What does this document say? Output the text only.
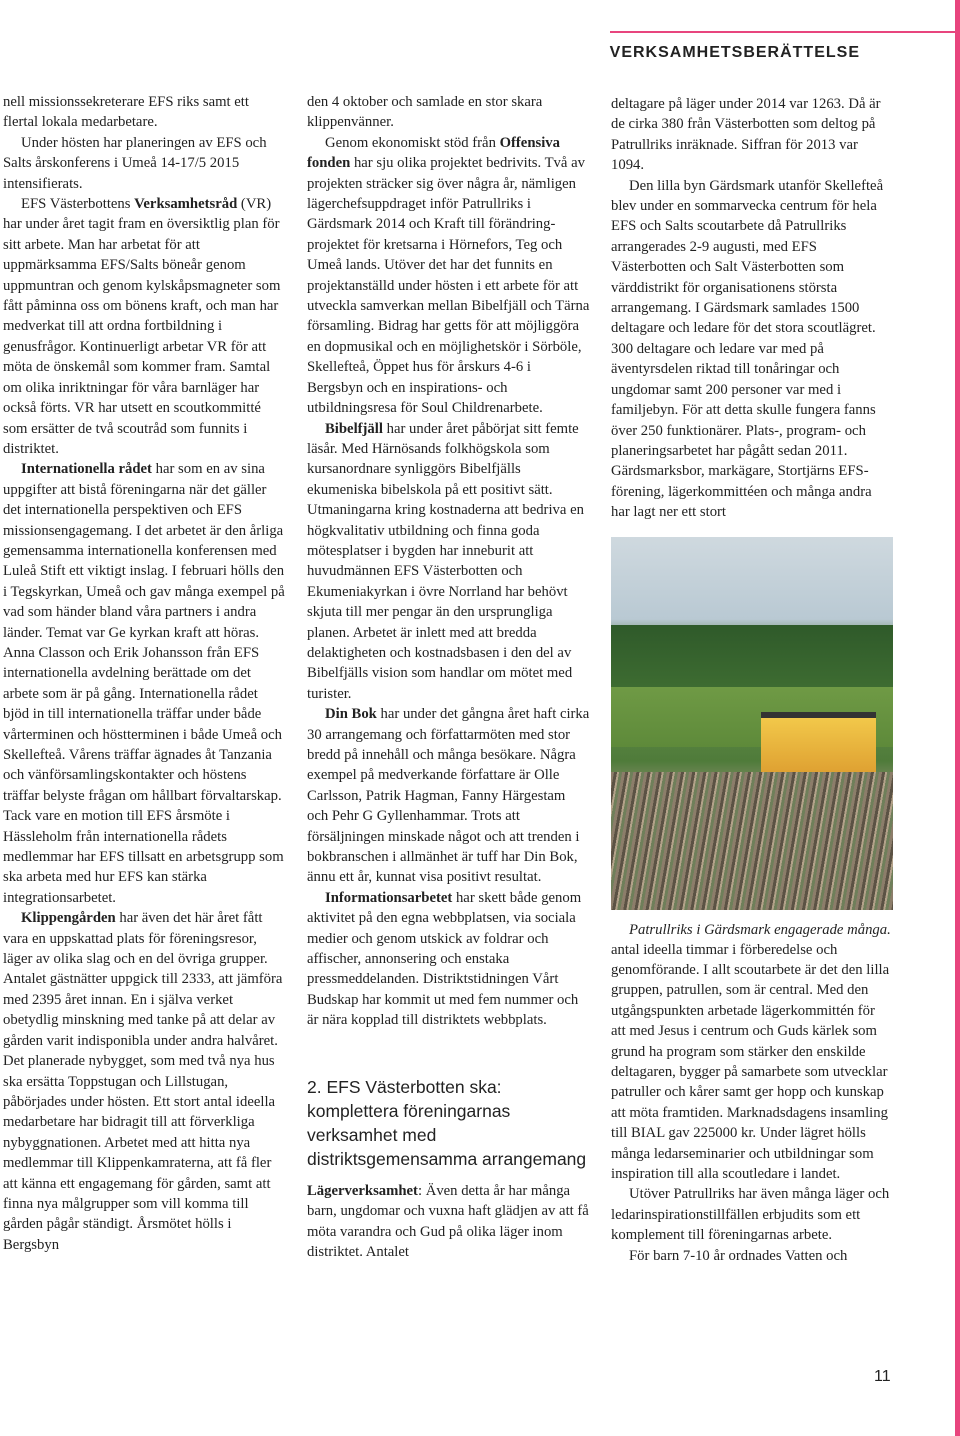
VERKSAMHETSBERÄTTELSE

nell missionssekreterare EFS riks samt ett flertal lokala medarbetare.

Under hösten har planeringen av EFS och Salts årskonferens i Umeå 14-17/5 2015 intensifierats.

EFS Västerbottens Verksamhetsråd (VR) har under året tagit fram en översiktlig plan för sitt arbete. Man har arbetat för att uppmärksamma EFS/Salts böneår genom uppmuntran och genom kylskåpsmagneter som fått påminna oss om bönens kraft, och man har medverkat till att ordna fortbildning i genusfrågor. Kontinuerligt arbetar VR för att möta de önskemål som kommer fram. Samtal om olika inriktningar för våra barnläger har också förts. VR har utsett en scoutkommitté som ersätter de två scoutråd som funnits i distriktet.

Internationella rådet har som en av sina uppgifter att bistå föreningarna när det gäller det internationella perspektiven och EFS missionsengagemang. I det arbetet är den årliga gemensamma internationella konferensen med Luleå Stift ett viktigt inslag. I februari hölls den i Tegskyrkan, Umeå och gav många exempel på vad som händer bland våra partners i andra länder. Temat var Ge kyrkan kraft att höras. Anna Classon och Erik Johansson från EFS internationella avdelning berättade om det arbete som är på gång. Internationella rådet bjöd in till internationella träffar under både vårterminen och höstterminen i både Umeå och Skellefteå. Vårens träffar ägnades åt Tanzania och vänförsamlingskontakter och höstens träffar belyste frågan om hållbart förvaltarskap. Tack vare en motion till EFS årsmöte i Hässleholm från internationella rådets medlemmar har EFS tillsatt en arbetsgrupp som ska arbeta med hur EFS kan stärka integrationsarbetet.

Klippengården har även det här året fått vara en uppskattad plats för föreningsresor, läger av olika slag och en del övriga grupper. Antalet gästnätter uppgick till 2333, att jämföra med 2395 året innan. En i själva verket obetydlig minskning med tanke på att delar av gården varit indisponibla under andra halvåret. Det planerade nybygget, som med två nya hus ska ersätta Toppstugan och Lillstugan, påbörjades under hösten. Ett stort antal ideella medarbetare har bidragit till att förverkliga nybyggnationen. Arbetet med att hitta nya medlemmar till Klippenkamraterna, att få fler att känna ett engagemang för gården, samt att finna nya målgrupper som vill komma till gården pågår ständigt. Årsmötet hölls i Bergsbyn

den 4 oktober och samlade en stor skara klippenvänner.

Genom ekonomiskt stöd från Offensiva fonden har sju olika projektet bedrivits. Två av projekten sträcker sig över några år, nämligen lägerchefsuppdraget inför Patrullriks i Gärdsmark 2014 och Kraft till förändring-projektet för kretsarna i Hörnefors, Teg och Umeå lands. Utöver det har det funnits en projektanställd under hösten i ett arbete för att utveckla samverkan mellan Bibelfjäll och Tärna församling. Bidrag har getts för att möjliggöra en dopmusikal och en möjlighetskör i Sörböle, Skellefteå, Öppet hus för årskurs 4-6 i Bergsbyn och en inspirations- och utbildningsresa för Soul Childrenarbete.

Bibelfjäll har under året påbörjat sitt femte läsår. Med Härnösands folkhögskola som kursanordnare synliggörs Bibelfjälls ekumeniska bibelskola på ett positivt sätt. Utmaningarna kring kostnaderna att bedriva en högkvalitativ utbildning och finna goda mötesplatser i bygden har inneburit att huvudmännen EFS Västerbotten och Ekumeniakyrkan i övre Norrland har behövt skjuta till mer pengar än den ursprungliga planen. Arbetet är inlett med att bredda delaktigheten och kostnadsbasen i den del av Bibelfjälls vision som handlar om mötet med turister.

Din Bok har under det gångna året haft cirka 30 arrangemang och författarmöten med stor bredd på innehåll och många besökare. Några exempel på medverkande författare är Olle Carlsson, Patrik Hagman, Fanny Härgestam och Pehr G Gyllenhammar. Trots att försäljningen minskade något och att trenden i bokbranschen i allmänhet är tuff har Din Bok, ännu ett år, kunnat visa positivt resultat.

Informationsarbetet har skett både genom aktivitet på den egna webbplatsen, via sociala medier och genom utskick av foldrar och affischer, annonsering och enstaka pressmeddelanden. Distriktstidningen Vårt Budskap har kommit ut med fem nummer och är nära kopplad till distriktets webbplats.

2. EFS Västerbotten ska: komplettera föreningarnas verksamhet med distriktsgemensamma arrangemang

Lägerverksamhet: Även detta år har många barn, ungdomar och vuxna haft glädjen av att få möta varandra och Gud på olika läger inom distriktet. Antalet

deltagare på läger under 2014 var 1263. Då är de cirka 380 från Västerbotten som deltog på Patrullriks inräknade. Siffran för 2013 var 1094.

Den lilla byn Gärdsmark utanför Skellefteå blev under en sommarvecka centrum för hela EFS och Salts scoutarbete då Patrullriks arrangerades 2-9 augusti, med EFS Västerbotten och Salt Västerbotten som värddistrikt för organisationens största arrangemang. I Gärdsmark samlades 1500 deltagare och ledare för det stora scoutlägret. 300 deltagare och ledare var med på äventyrsdelen riktad till tonåringar och ungdomar samt 200 personer var med i familjebyn. För att detta skulle fungera fanns över 250 funktionärer. Plats-, program- och planeringsarbetet har pågått sedan 2011. Gärdsmarksbor, markägare, Stortjärns EFS-förening, lägerkommittéen och många andra har lagt ner ett stort

Patrullriks i Gärdsmark engagerade många.

antal ideella timmar i förberedelse och genomförande. I allt scoutarbete är det den lilla gruppen, patrullen, som är central. Med den utgångspunkten arbetade lägerkommittén för att med Jesus i centrum och Guds kärlek som grund ha program som stärker den enskilde deltagaren, bygger på samarbete som utvecklar patruller och kårer samt ger hopp och kunskap att möta framtiden. Marknadsdagens insamling till BIAL gav 225000 kr. Under lägret hölls många ledarseminarier och utbildningar som inspiration till alla scoutledare i landet.

Utöver Patrullriks har även många läger och ledarinspirationstillfällen erbjudits som ett komplement till föreningarnas arbete.

För barn 7-10 år ordnades Vatten och

11
